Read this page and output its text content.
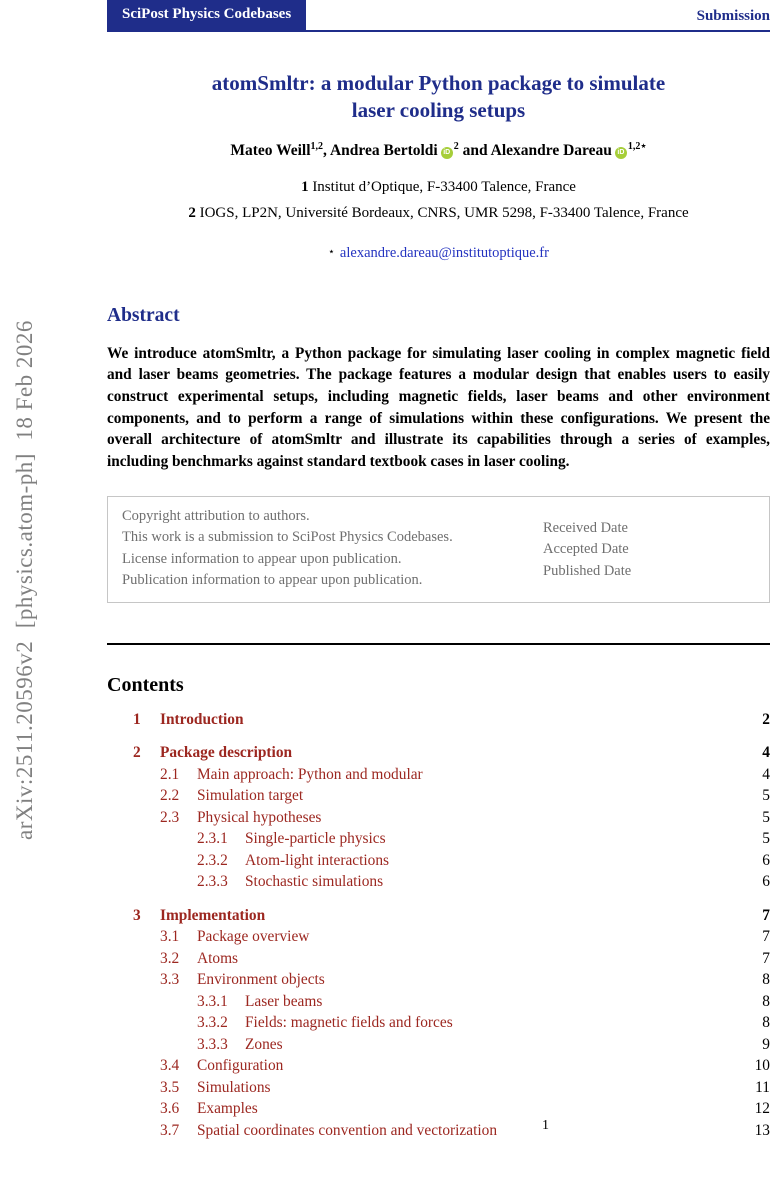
arXiv:2511.20596v2  [physics.atom-ph]  18 Feb 2026
SciPost Physics Codebases	Submission
atomSmltr: a modular Python package to simulate
laser cooling setups
Mateo Weill$^{1,2}$, Andrea Bertoldi $iD^2$ and Alexandre Dareau $iD^{1,2⋆}$
1 Institut d’Optique, F-33400 Talence, France
2 IOGS, LP2N, Université Bordeaux, CNRS, UMR 5298, F-33400 Talence, France
⋆ alexandre.dareau@institutoptique.fr
Abstract
We introduce atomSmltr, a Python package for simulating laser cooling in complex magnetic field and laser beams geometries. The package features a modular design that enables users to easily construct experimental setups, including magnetic fields, laser beams and other environment components, and to perform a range of simulations within these configurations. We present the overall architecture of atomSmltr and illustrate its capabilities through a series of examples, including benchmarks against standard textbook cases in laser cooling.
Copyright attribution to authors.
This work is a submission to SciPost Physics Codebases.
License information to appear upon publication.
Publication information to appear upon publication.
Received Date
Accepted Date
Published Date
Contents
1	Introduction	2
2	Package description	4
2.1	Main approach: Python and modular	4
2.2	Simulation target	5
2.3	Physical hypotheses	5
2.3.1	Single-particle physics	5
2.3.2	Atom-light interactions	6
2.3.3	Stochastic simulations	6
3	Implementation	7
3.1	Package overview	7
3.2	Atoms	7
3.3	Environment objects	8
3.3.1	Laser beams	8
3.3.2	Fields: magnetic fields and forces	8
3.3.3	Zones	9
3.4	Configuration	10
3.5	Simulations	11
3.6	Examples	12
3.7	Spatial coordinates convention and vectorization	13
1
